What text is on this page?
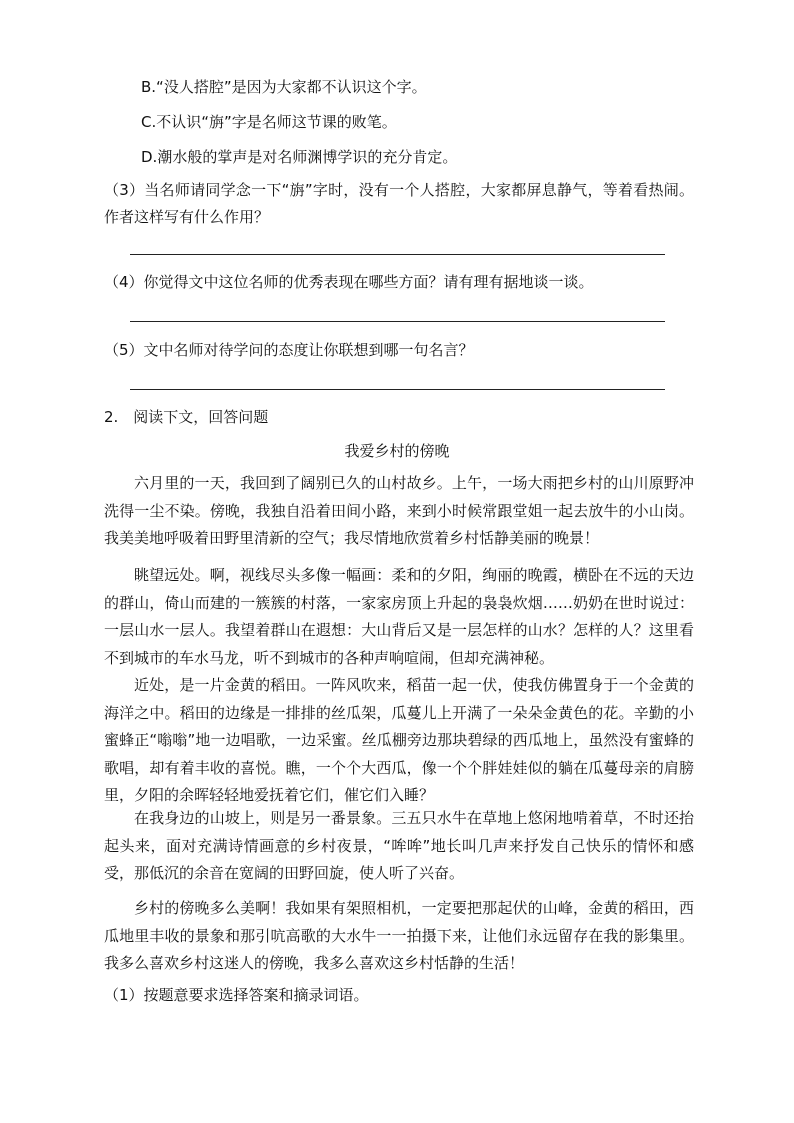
B.“没人搭腔”是因为大家都不认识这个字。
C.不认识“旃”字是名师这节课的败笔。
D.潮水般的掌声是对名师渊博学识的充分肯定。
（3）当名师请同学念一下“旃”字时，没有一个人搭腔，大家都屏息静气，等着看热闹。作者这样写有什么作用？
（4）你觉得文中这位名师的优秀表现在哪些方面？请有理有据地谈一谈。
（5）文中名师对待学问的态度让你联想到哪一句名言？
2.　阅读下文，回答问题
我爱乡村的傍晚
六月里的一天，我回到了阔别已久的山村故乡。上午，一场大雨把乡村的山川原野冲洗得一尘不染。傍晚，我独自沿着田间小路，来到小时候常跟堂姐一起去放牛的小山岗。我美美地呼吸着田野里清新的空气；我尽情地欣赏着乡村恬静美丽的晚景！
眺望远处。啊，视线尽头多像一幅画：柔和的夕阳，绚丽的晚霞，横卧在不远的天边的群山，倚山而建的一簇簇的村落，一家家房顶上升起的袅袅炊烟……奶奶在世时说过：一层山水一层人。我望着群山在遐想：大山背后又是一层怎样的山水？怎样的人？这里看不到城市的车水马龙，听不到城市的各种声响喧闹，但却充满神秘。
近处，是一片金黄的稻田。一阵风吹来，稻苗一起一伏，使我仿佛置身于一个金黄的海洋之中。稻田的边缘是一排排的丝瓜架，瓜蔓儿上开满了一朵朵金黄色的花。辛勤的小蜜蜂正“嗡嗡”地一边唱歌，一边采蜜。丝瓜棚旁边那块碧绿的西瓜地上，虽然没有蜜蜂的歌唱，却有着丰收的喜悦。瞧，一个个大西瓜，像一个个胖娃娃似的躺在瓜蔓母亲的肩膀里，夕阳的余晖轻轻地爱抚着它们，催它们入睡？
在我身边的山坡上，则是另一番景象。三五只水牛在草地上悠闲地啃着草，不时还抬起头来，面对充满诗情画意的乡村夜景，“哞哞”地长叫几声来抒发自己快乐的情怀和感受，那低沉的余音在宽阔的田野回旋，使人听了兴奋。
乡村的傍晚多么美啊！我如果有架照相机，一定要把那起伏的山峰，金黄的稻田，西瓜地里丰收的景象和那引吭高歌的大水牛一一拍摄下来，让他们永远留存在我的影集里。我多么喜欢乡村这迷人的傍晚，我多么喜欢这乡村恬静的生活！
（1）按题意要求选择答案和摘录词语。
